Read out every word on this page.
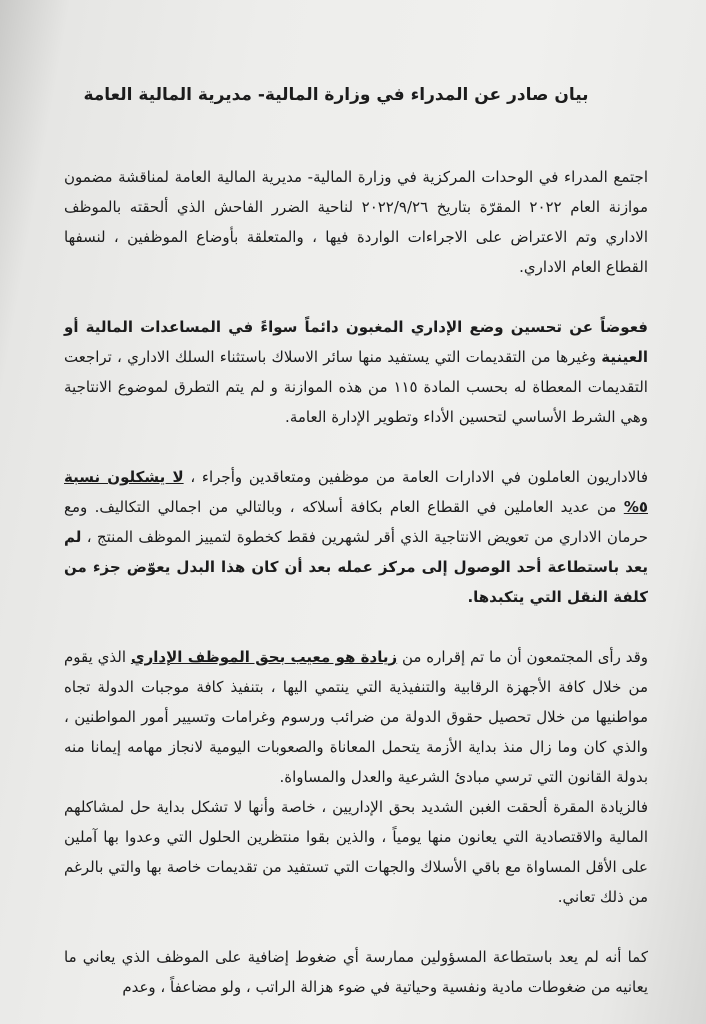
بيان صادر عن المدراء في وزارة المالية- مديرية المالية العامة

اجتمع المدراء في الوحدات المركزية في وزارة المالية- مديرية المالية العامة لمناقشة مضمون موازنة العام ٢٠٢٢ المقرّة بتاريخ ٢٠٢٢/٩/٢٦ لناحية الضرر الفاحش الذي ألحقته بالموظف الاداري وتم الاعتراض على الاجراءات الواردة فيها ، والمتعلقة بأوضاع الموظفين ، لنسفها القطاع العام الاداري.

فعوضاً عن تحسين وضع الإداري المغبون دائماً سواءً في المساعدات المالية أو العينية وغيرها من التقديمات التي يستفيد منها سائر الاسلاك باستثناء السلك الاداري ، تراجعت التقديمات المعطاة له بحسب المادة ١١٥ من هذه الموازنة و لم يتم التطرق لموضوع الانتاجية وهي الشرط الأساسي لتحسين الأداء وتطوير الإدارة العامة.

فالاداريون العاملون في الادارات العامة من موظفين ومتعاقدين وأجراء ، لا يشكلون نسبة ٥% من عديد العاملين في القطاع العام بكافة أسلاكه ، وبالتالي من اجمالي التكاليف. ومع حرمان الاداري من تعويض الانتاجية الذي أقر لشهرين فقط كخطوة لتمييز الموظف المنتج ، لم يعد باستطاعة أحد الوصول إلى مركز عمله بعد أن كان هذا البدل يعوّض جزء من كلفة النقل التي يتكبدها.

وقد رأى المجتمعون أن ما تم إقراره من زيادة هو معيب بحق الموظف الإداري الذي يقوم من خلال كافة الأجهزة الرقابية والتنفيذية التي ينتمي اليها ، بتنفيذ كافة موجبات الدولة تجاه مواطنيها من خلال تحصيل حقوق الدولة من ضرائب ورسوم وغرامات وتسيير أمور المواطنين ، والذي كان وما زال منذ بداية الأزمة يتحمل المعاناة والصعوبات اليومية لانجاز مهامه إيمانا منه بدولة القانون التي ترسي مبادئ الشرعية والعدل والمساواة.

فالزيادة المقرة ألحقت الغبن الشديد بحق الإداريين ، خاصة وأنها لا تشكل بداية حل لمشاكلهم المالية والاقتصادية التي يعانون منها يومياً ، والذين بقوا منتظرين الحلول التي وعدوا بها آملين على الأقل المساواة مع باقي الأسلاك والجهات التي تستفيد من تقديمات خاصة بها والتي بالرغم من ذلك تعاني.

كما أنه لم يعد باستطاعة المسؤولين ممارسة أي ضغوط إضافية على الموظف الذي يعاني ما يعانيه من ضغوطات مادية ونفسية وحياتية في ضوء هزالة الراتب ، ولو مضاعفاً ، وعدم
